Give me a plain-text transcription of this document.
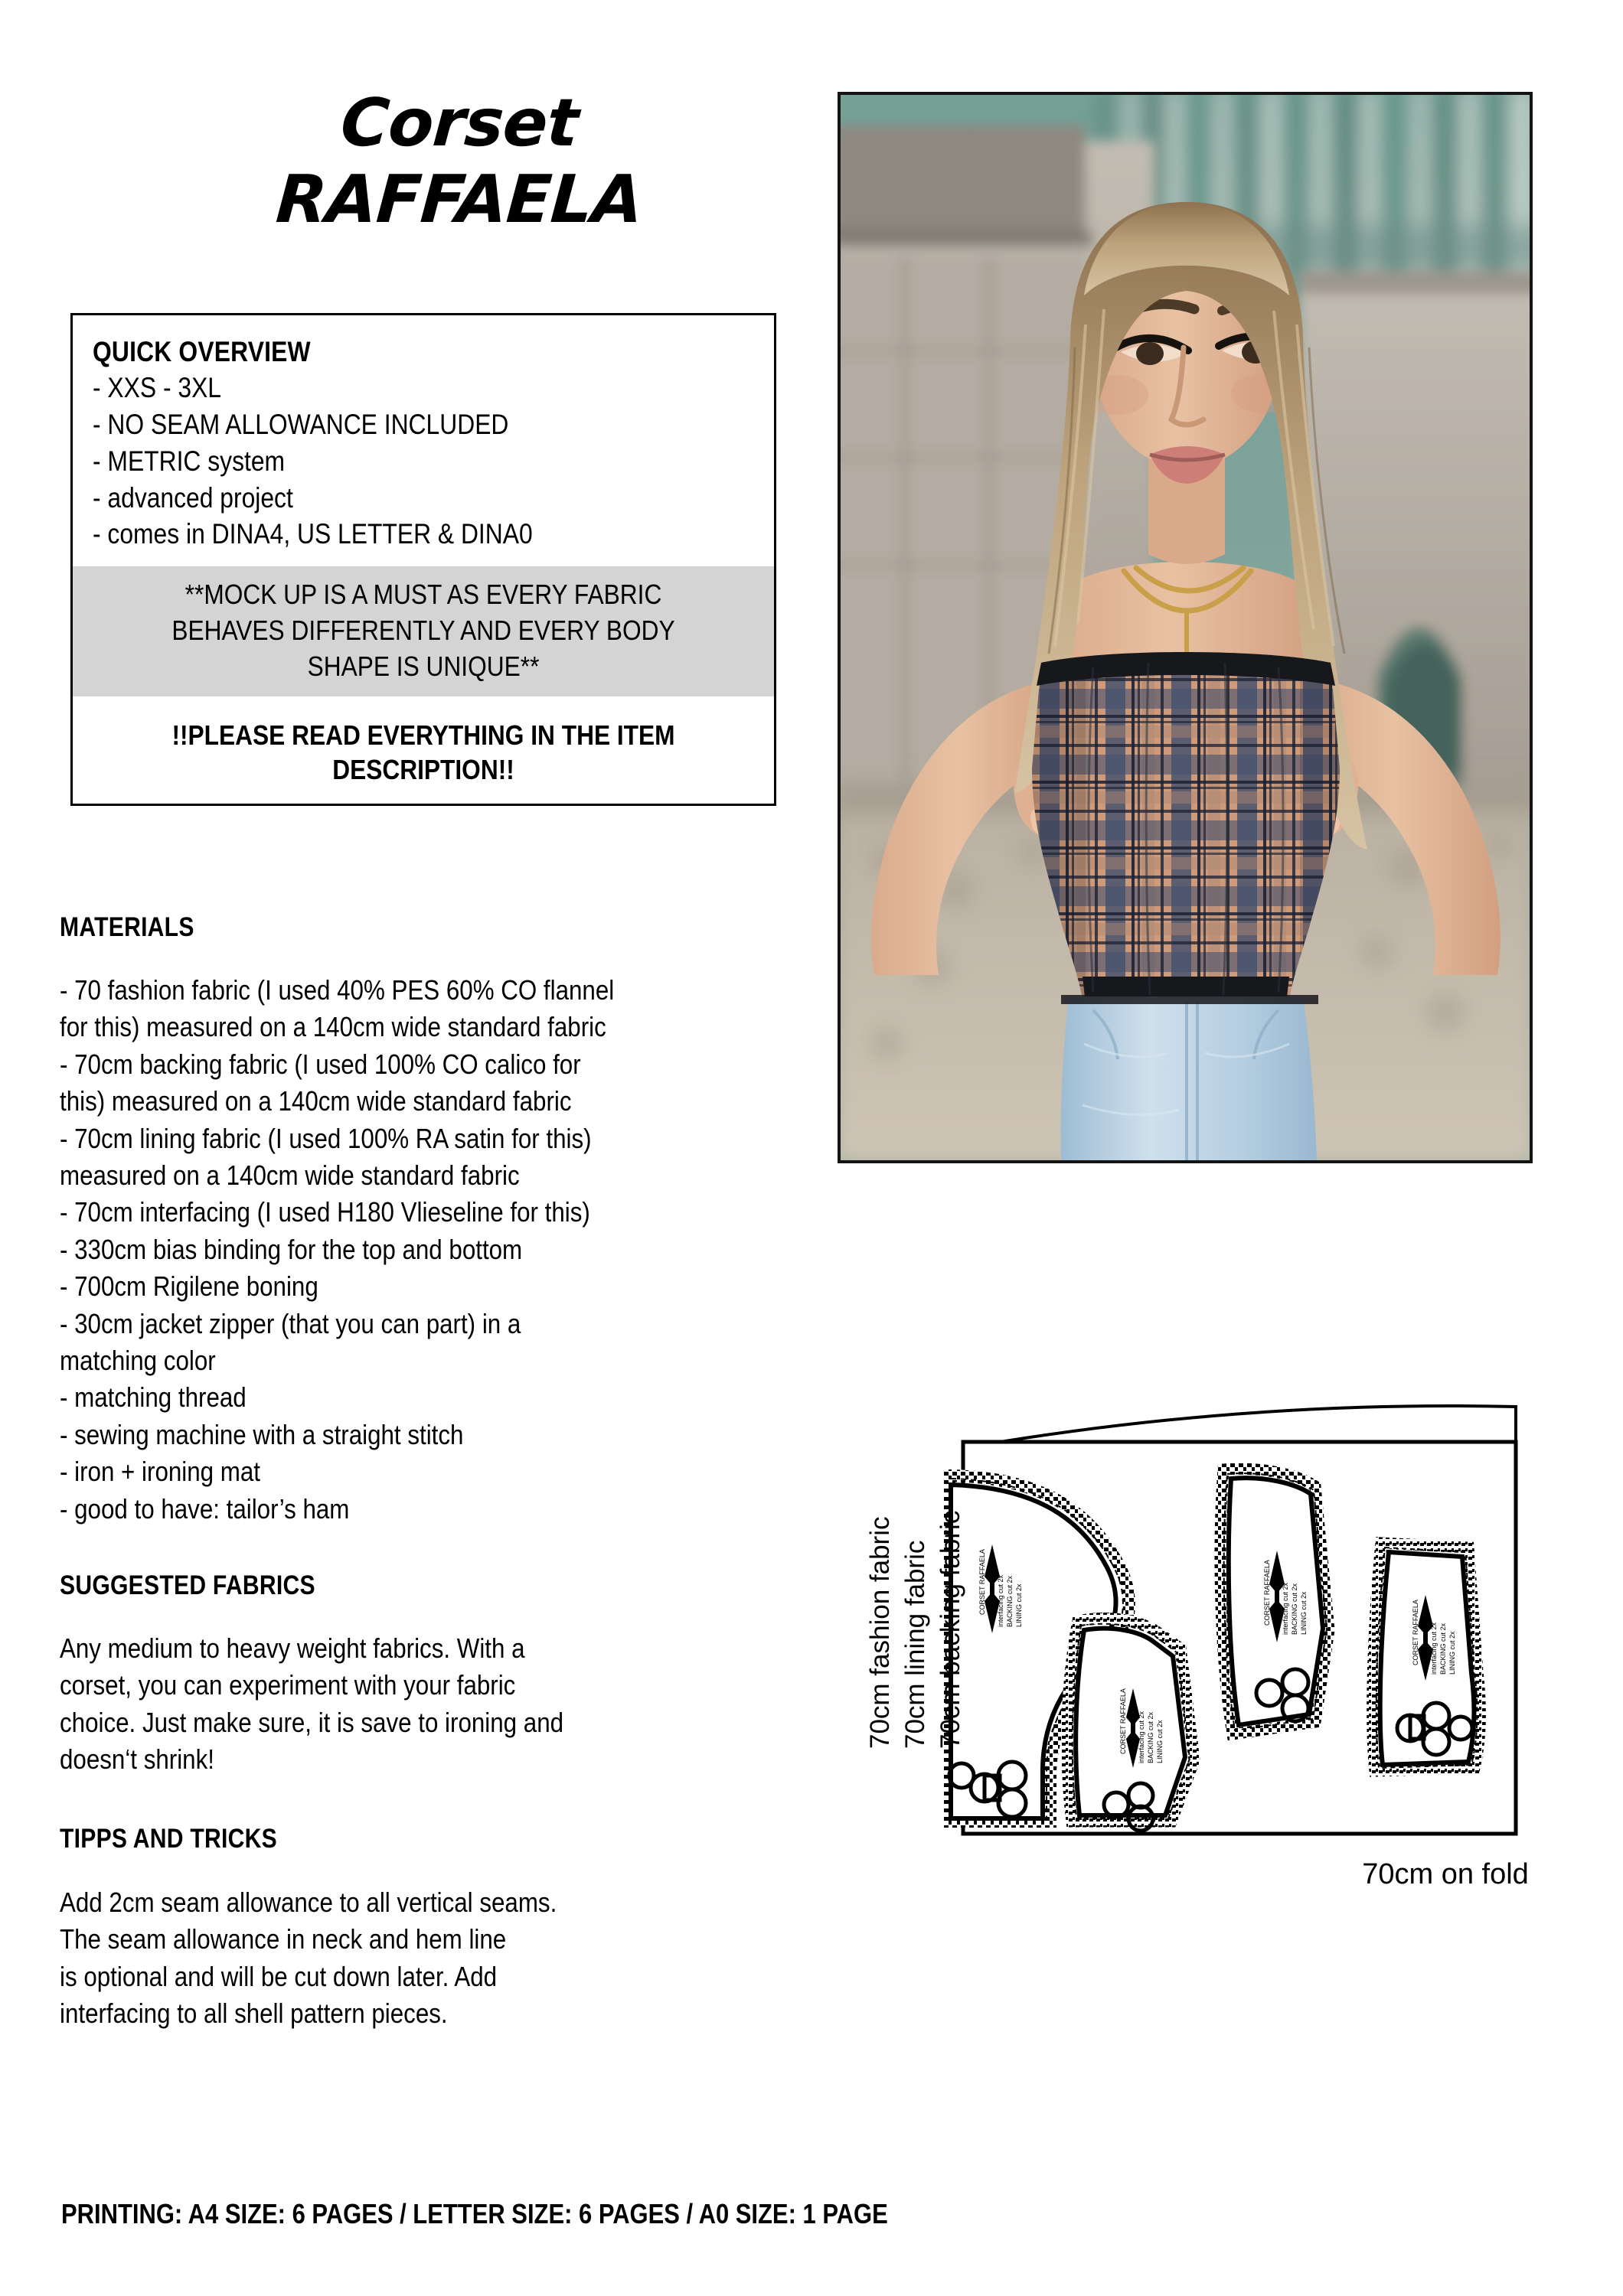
Corset
RAFFAELA
QUICK OVERVIEW
- XXS - 3XL
- NO SEAM ALLOWANCE INCLUDED
- METRIC system
- advanced project
- comes in DINA4, US LETTER & DINA0
**MOCK UP IS A MUST AS EVERY FABRIC
BEHAVES DIFFERENTLY AND EVERY BODY
SHAPE IS UNIQUE**
!!PLEASE READ EVERYTHING IN THE ITEM
DESCRIPTION!!
MATERIALS
- 70 fashion fabric (I used 40% PES 60% CO flannel
for this) measured on a 140cm wide standard fabric
- 70cm backing fabric (I used 100% CO calico for
this) measured on a 140cm wide standard fabric
- 70cm lining fabric (I used 100% RA satin for this)
measured on a 140cm wide standard fabric
- 70cm interfacing (I used H180 Vlieseline for this)
- 330cm bias binding for the top and bottom
- 700cm Rigilene boning
- 30cm jacket zipper (that you can part) in a
matching color
- matching thread
- sewing machine with a straight stitch
- iron + ironing mat
- good to have: tailor’s ham
SUGGESTED FABRICS
Any medium to heavy weight fabrics. With a
corset, you can experiment with your fabric
choice. Just make sure, it is save to ironing and
doesn‘t shrink!
TIPPS AND TRICKS
Add 2cm seam allowance to all vertical seams.
The seam allowance in neck and hem line
is optional and will be cut down later. Add
interfacing to all shell pattern pieces.
PRINTING: A4 SIZE: 6 PAGES / LETTER SIZE: 6 PAGES / A0 SIZE: 1 PAGE
CORSET RAFFAELA interfacing cut 2x BACKING cut 2x LINING cut 2x
CORSET RAFFAELA interfacing cut 2x BACKING cut 2x LINING cut 2x
CORSET RAFFAELA interfacing cut 2x BACKING cut 2x LINING cut 2x	CORSET RAFFAELA interfacing cut 2x BACKING cut 2x LINING cut 2x
70cm fashion fabric 70cm lining fabric 70cm backing fabric
70cm on fold
